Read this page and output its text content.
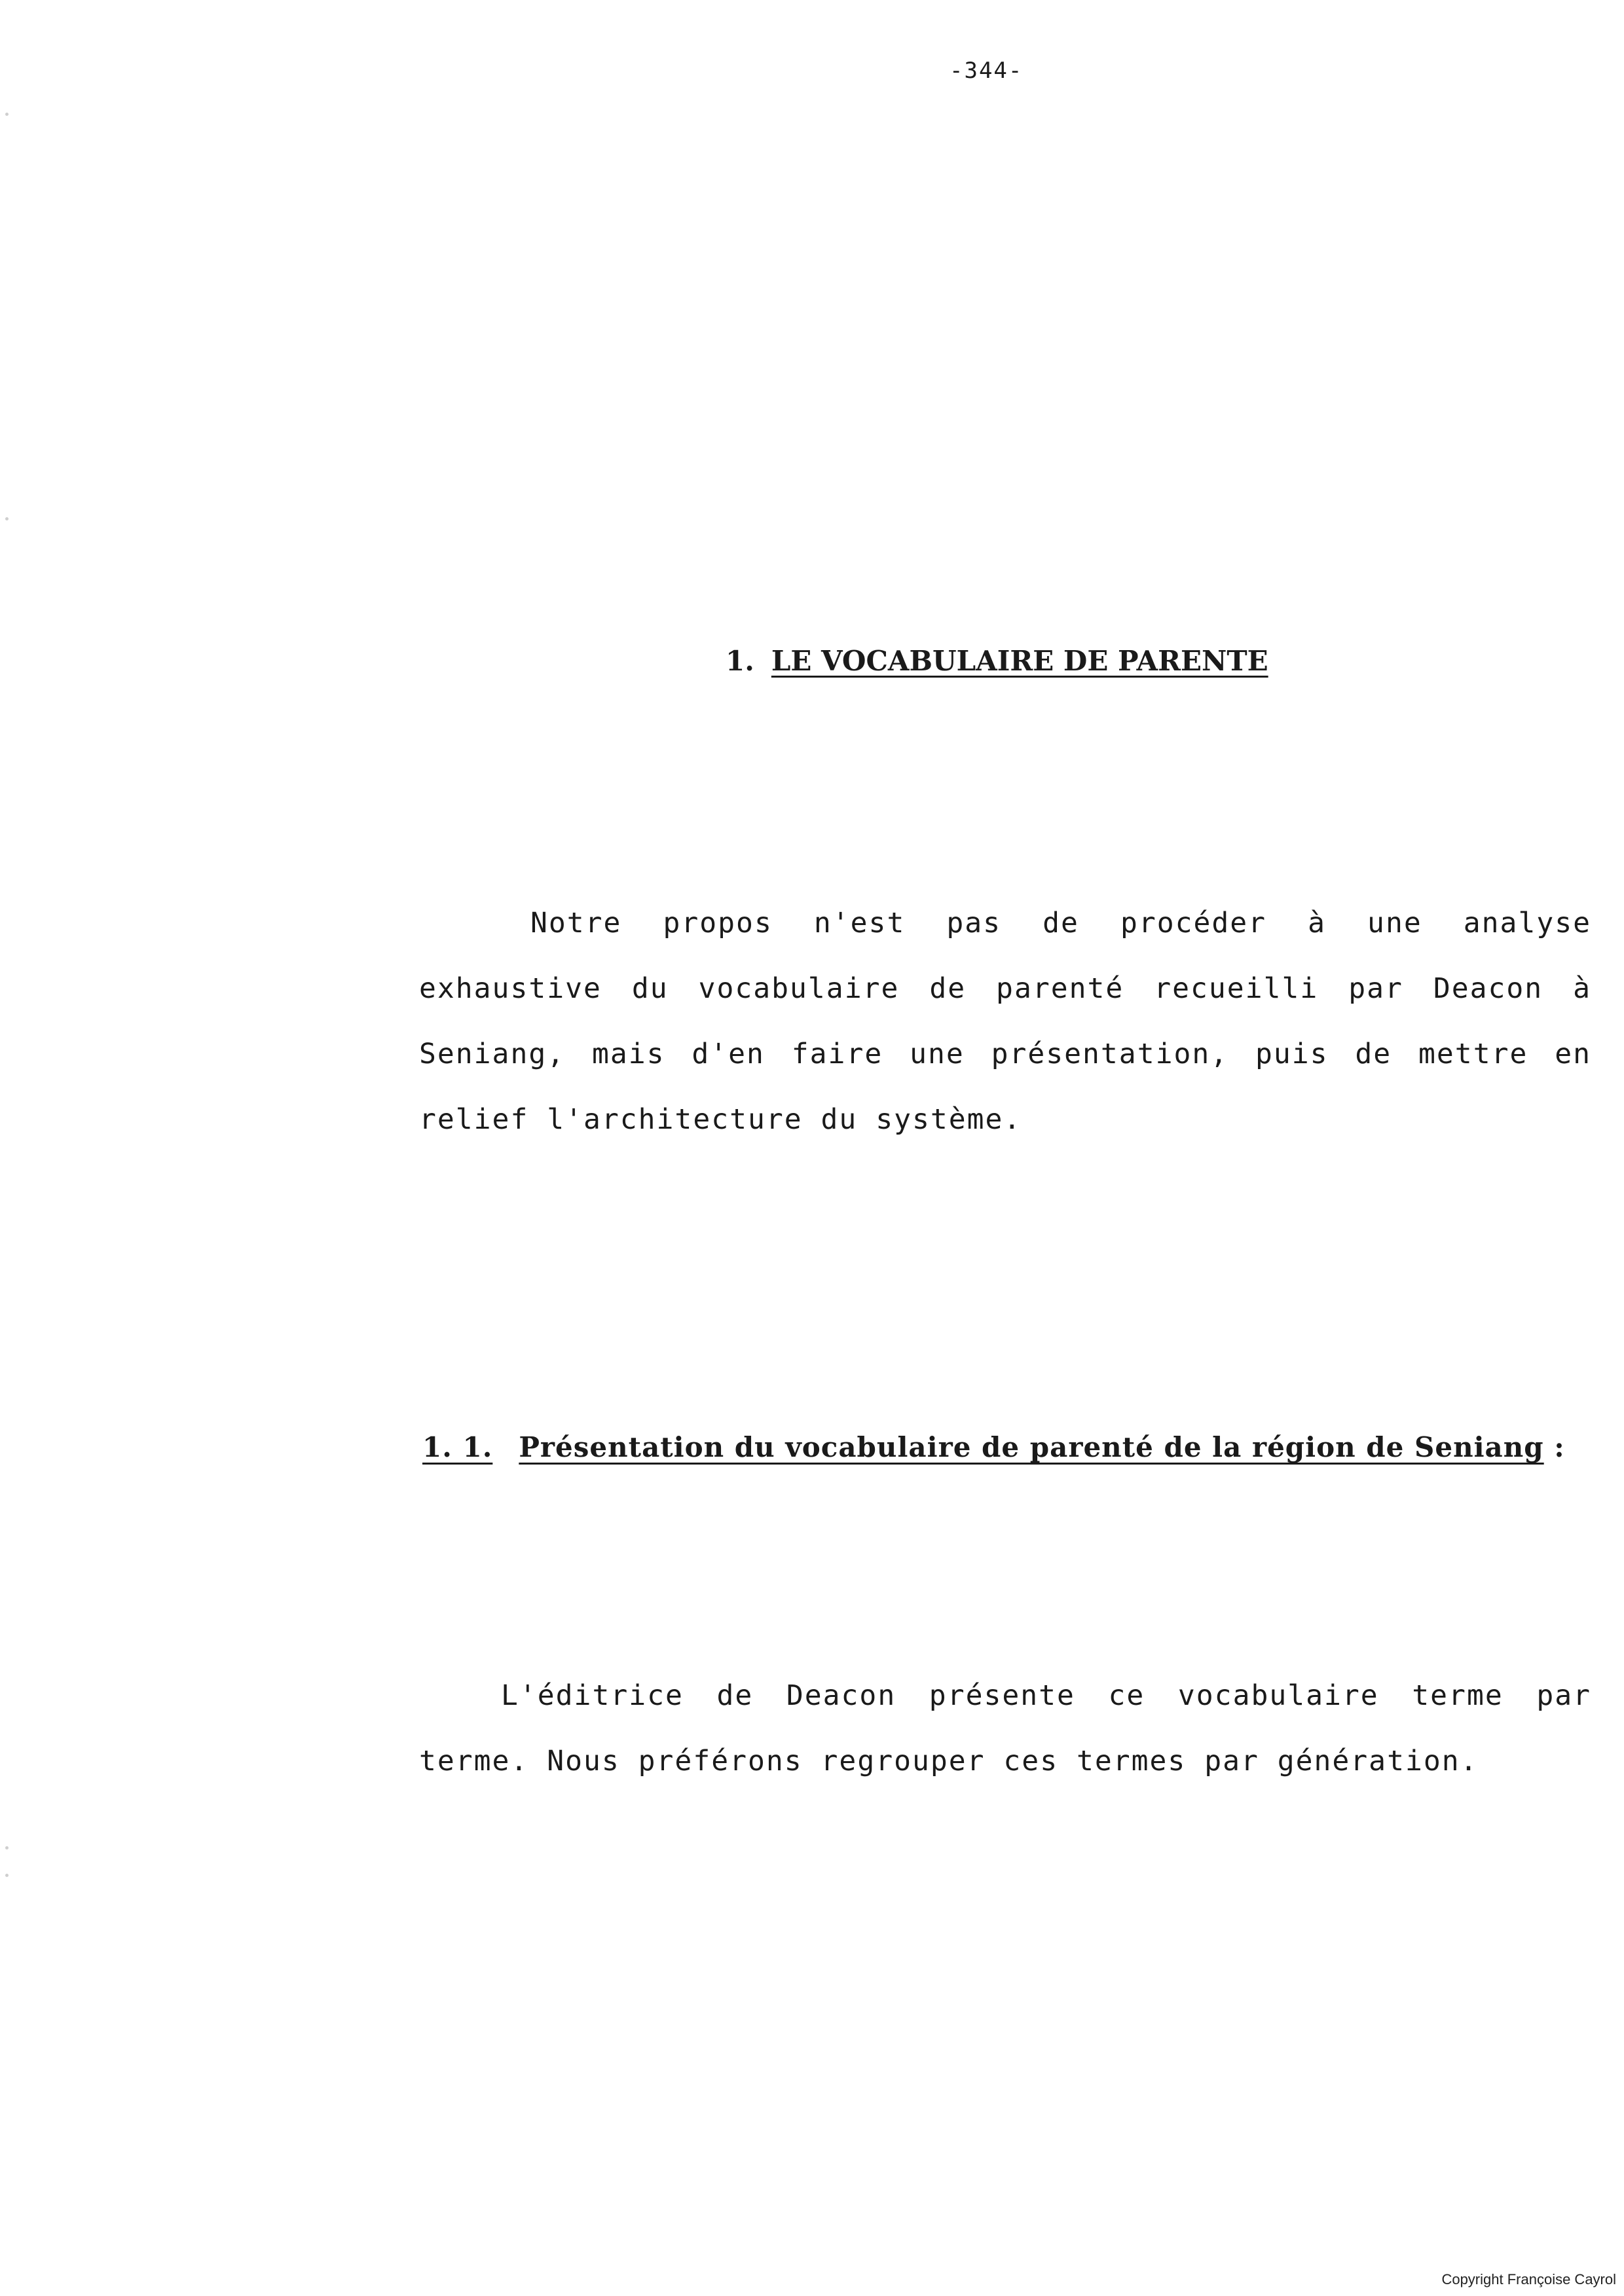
-344-
1. LE VOCABULAIRE DE PARENTE

Notre propos n'est pas de procéder à une analyse exhaustive du vocabulaire de parenté recueilli par Deacon à Seniang, mais d'en faire une présentation, puis de mettre en relief l'architecture du système.

1. 1. Présentation du vocabulaire de parenté de la région de Seniang :

L'éditrice de Deacon présente ce vocabulaire terme par terme. Nous préférons regrouper ces termes par génération.

Copyright Françoise Cayrol
